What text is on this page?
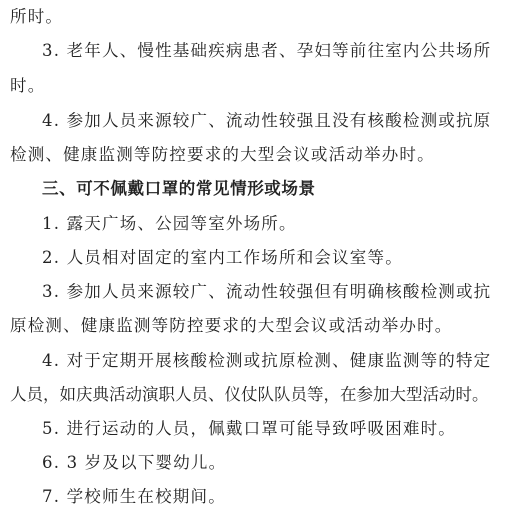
所时。
3. 老年人、慢性基础疾病患者、孕妇等前往室内公共场所
时。
4. 参加人员来源较广、流动性较强且没有核酸检测或抗原
检测、健康监测等防控要求的大型会议或活动举办时。
三、可不佩戴口罩的常见情形或场景
1. 露天广场、公园等室外场所。
2. 人员相对固定的室内工作场所和会议室等。
3. 参加人员来源较广、流动性较强但有明确核酸检测或抗
原检测、健康监测等防控要求的大型会议或活动举办时。
4. 对于定期开展核酸检测或抗原检测、健康监测等的特定
人员，如庆典活动演职人员、仪仗队队员等，在参加大型活动时。
5. 进行运动的人员，佩戴口罩可能导致呼吸困难时。
6. 3 岁及以下婴幼儿。
7. 学校师生在校期间。
